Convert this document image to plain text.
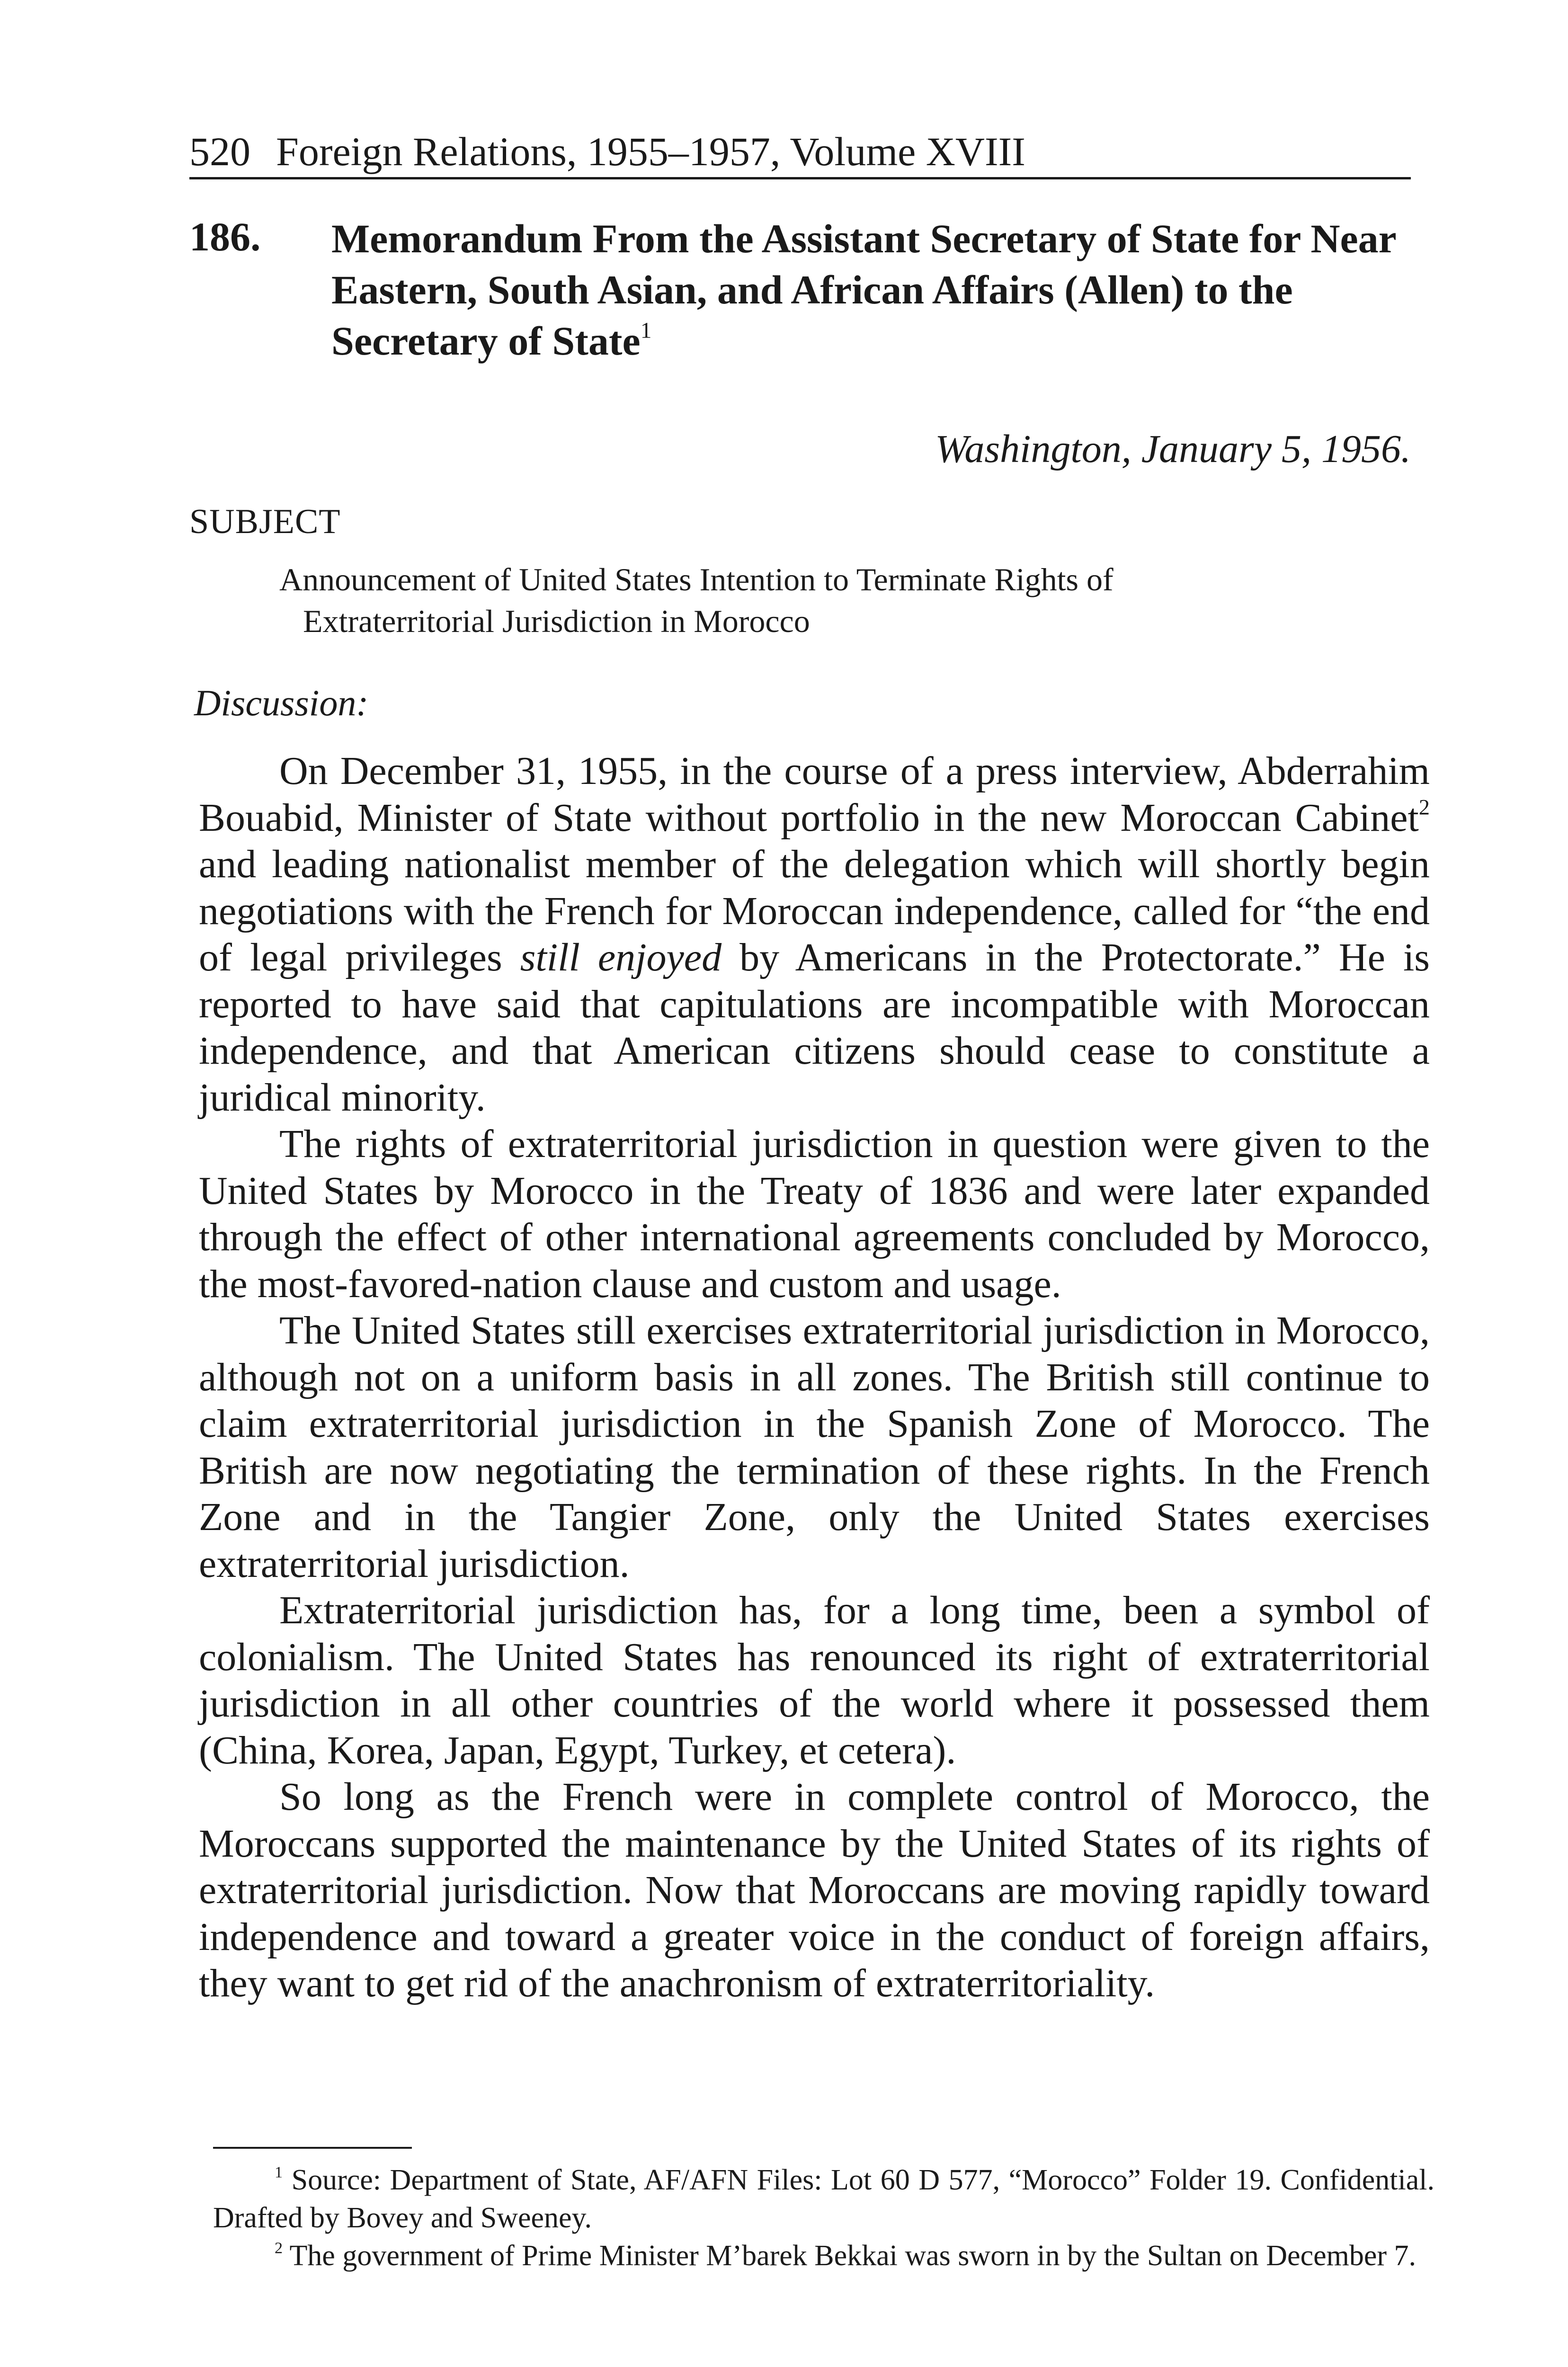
520 Foreign Relations, 1955–1957, Volume XVIII
186. Memorandum From the Assistant Secretary of State for Near Eastern, South Asian, and African Affairs (Allen) to the Secretary of State$^1$
Washington, January 5, 1956.
SUBJECT
Announcement of United States Intention to Terminate Rights of Extraterritorial Jurisdiction in Morocco
Discussion:

On December 31, 1955, in the course of a press interview, Abderrahim Bouabid, Minister of State without portfolio in the new Moroccan Cabinet$^2$ and leading nationalist member of the delegation which will shortly begin negotiations with the French for Moroccan independence, called for “the end of legal privileges still enjoyed by Americans in the Protectorate.” He is reported to have said that capitulations are incompatible with Moroccan independence, and that American citizens should cease to constitute a juridical minority.

The rights of extraterritorial jurisdiction in question were given to the United States by Morocco in the Treaty of 1836 and were later expanded through the effect of other international agreements concluded by Morocco, the most-favored-nation clause and custom and usage.

The United States still exercises extraterritorial jurisdiction in Morocco, although not on a uniform basis in all zones. The British still continue to claim extraterritorial jurisdiction in the Spanish Zone of Morocco. The British are now negotiating the termination of these rights. In the French Zone and in the Tangier Zone, only the United States exercises extraterritorial jurisdiction.

Extraterritorial jurisdiction has, for a long time, been a symbol of colonialism. The United States has renounced its right of extraterritorial jurisdiction in all other countries of the world where it possessed them (China, Korea, Japan, Egypt, Turkey, et cetera).

So long as the French were in complete control of Morocco, the Moroccans supported the maintenance by the United States of its rights of extraterritorial jurisdiction. Now that Moroccans are moving rapidly toward independence and toward a greater voice in the conduct of foreign affairs, they want to get rid of the anachronism of extraterritoriality.

$^1$ Source: Department of State, AF/AFN Files: Lot 60 D 577, “Morocco” Folder 19. Confidential. Drafted by Bovey and Sweeney.

$^2$ The government of Prime Minister M’barek Bekkai was sworn in by the Sultan on December 7.
